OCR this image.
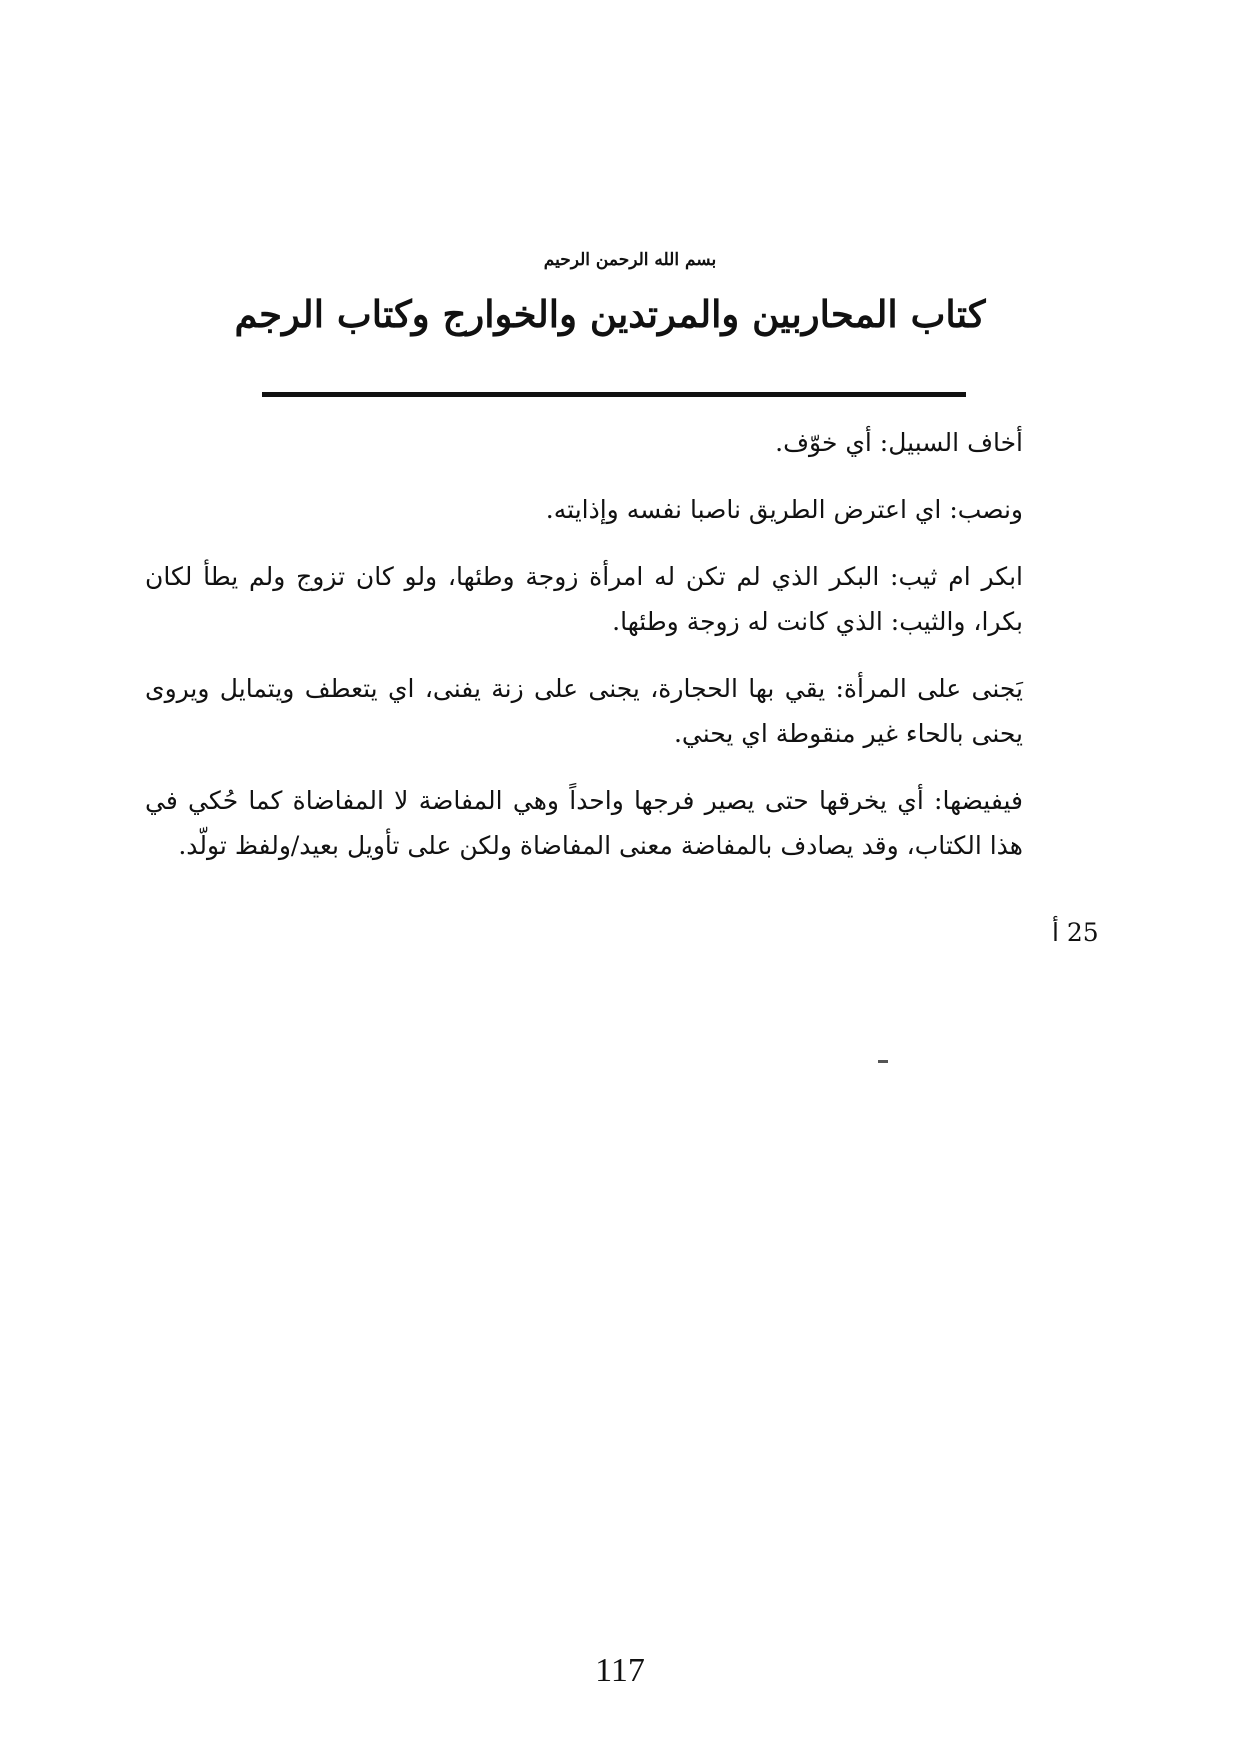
بسم الله الرحمن الرحيم
كتاب المحاربين والمرتدين والخوارج وكتاب الرجم

أخاف السبيل: أي خوّف.

ونصب: اي اعترض الطريق ناصبا نفسه وإذايته.

ابكر ام ثيب: البكر الذي لم تكن له امرأة زوجة وطئها، ولو كان تزوج ولم يطأ لكان بكرا، والثيب: الذي كانت له زوجة وطئها.

يَجنى على المرأة: يقي بها الحجارة، يجنى على زنة يفنى، اي يتعطف ويتمايل ويروى يحنى بالحاء غير منقوطة اي يحني.

فيفيضها: أي يخرقها حتى يصير فرجها واحداً وهي المفاضة لا المفاضاة كما حُكي في هذا الكتاب، وقد يصادف بالمفاضة معنى المفاضاة ولكن على تأويل بعيد/ولفظ تولّد.

25 أ
117
